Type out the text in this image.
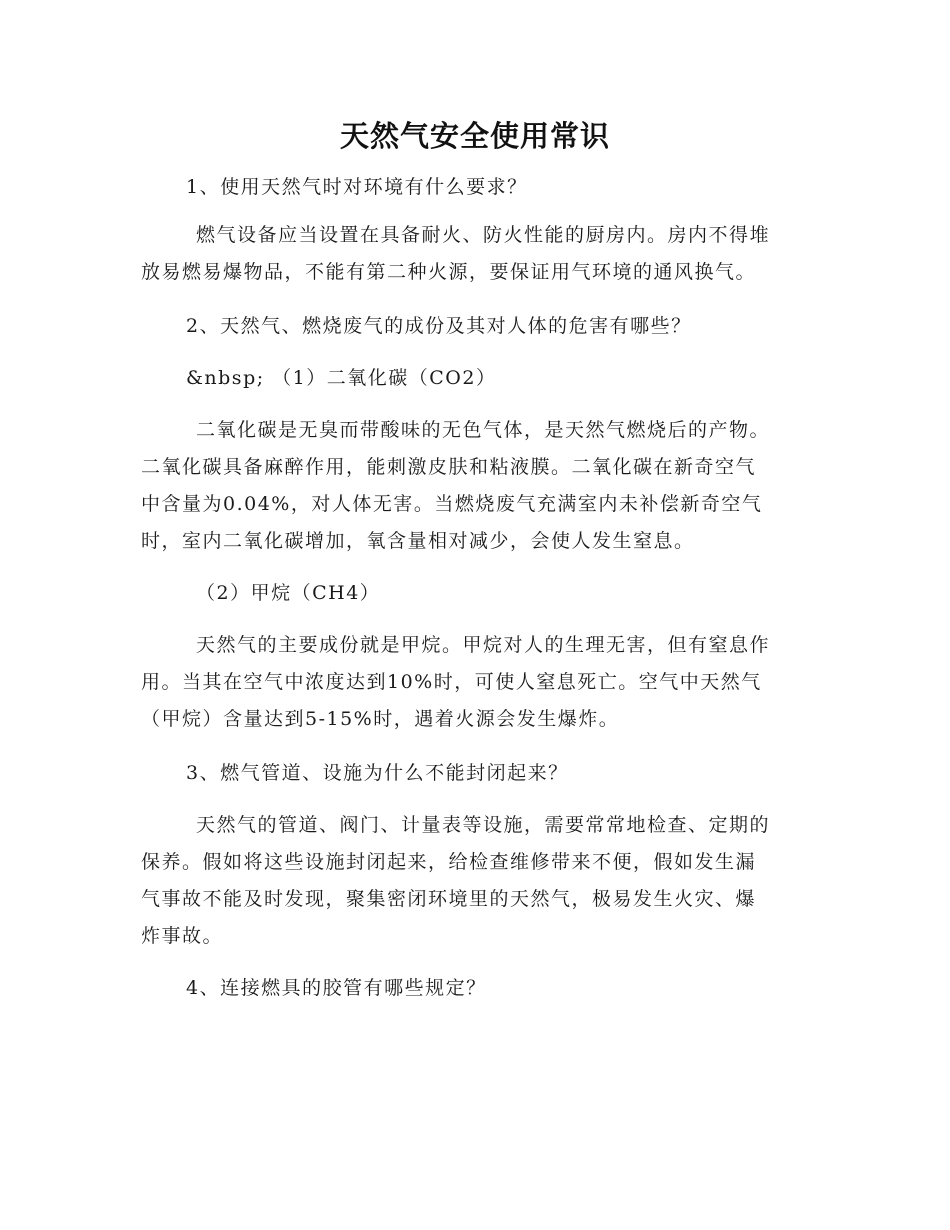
天然气安全使用常识
1、使用天然气时对环境有什么要求？
燃气设备应当设置在具备耐火、防火性能的厨房内。房内不得堆
放易燃易爆物品，不能有第二种火源，要保证用气环境的通风换气。
2、天然气、燃烧废气的成份及其对人体的危害有哪些？
&nbsp; （1）二氧化碳（CO2）
二氧化碳是无臭而带酸味的无色气体，是天然气燃烧后的产物。
二氧化碳具备麻醉作用，能刺激皮肤和粘液膜。二氧化碳在新奇空气
中含量为0.04%，对人体无害。当燃烧废气充满室内未补偿新奇空气
时，室内二氧化碳增加，氧含量相对减少，会使人发生窒息。
（2）甲烷（CH4）
天然气的主要成份就是甲烷。甲烷对人的生理无害，但有窒息作
用。当其在空气中浓度达到10%时，可使人窒息死亡。空气中天然气
（甲烷）含量达到5-15%时，遇着火源会发生爆炸。
3、燃气管道、设施为什么不能封闭起来？
天然气的管道、阀门、计量表等设施，需要常常地检查、定期的
保养。假如将这些设施封闭起来，给检查维修带来不便，假如发生漏
气事故不能及时发现，聚集密闭环境里的天然气，极易发生火灾、爆
炸事故。
4、连接燃具的胶管有哪些规定？
